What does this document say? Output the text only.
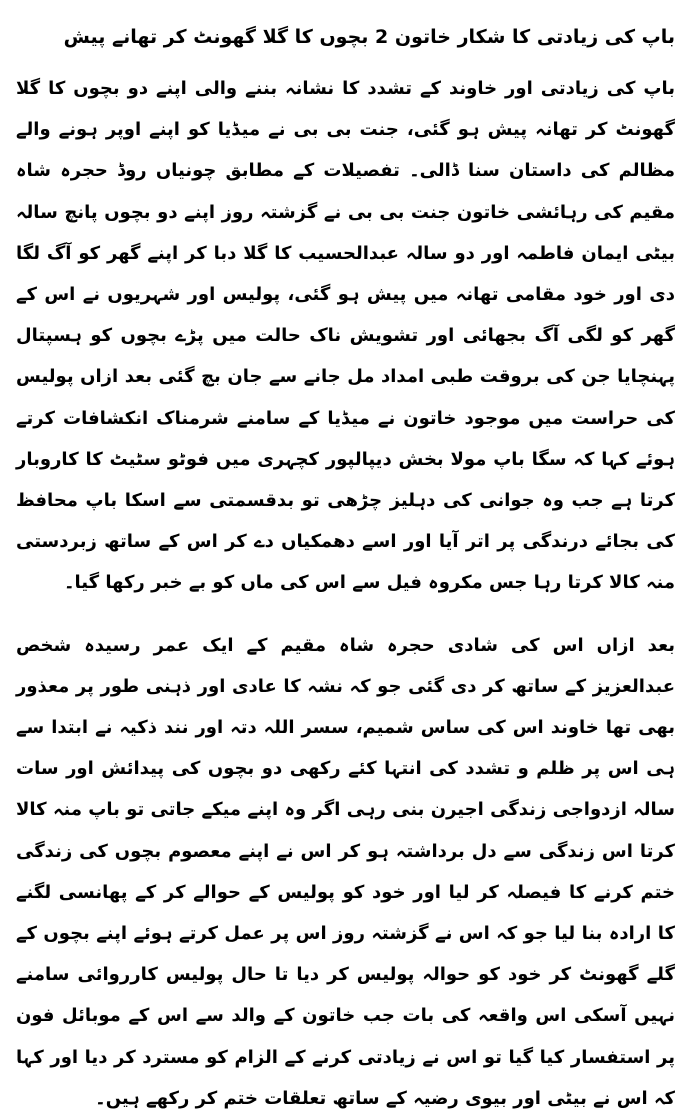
باپ کی زیادتی کا شکار خاتون 2 بچوں کا گلا گھونٹ کر تھانے پیش

باپ کی زیادتی اور خاوند کے تشدد کا نشانہ بننے والی اپنے دو بچوں کا گلا گھونٹ کر تھانہ پیش ہو گئی، جنت بی بی نے میڈیا کو اپنے اوپر ہونے والے مظالم کی داستان سنا ڈالی۔ تفصیلات کے مطابق چونیاں روڈ حجرہ شاہ مقیم کی رہائشی خاتون جنت بی بی نے گزشتہ روز اپنے دو بچوں پانچ سالہ بیٹی ایمان فاطمہ اور دو سالہ عبدالحسیب کا گلا دبا کر اپنے گھر کو آگ لگا دی اور خود مقامی تھانہ میں پیش ہو گئی، پولیس اور شہریوں نے اس کے گھر کو لگی آگ بجھائی اور تشویش ناک حالت میں پڑے بچوں کو ہسپتال پہنچایا جن کی بروقت طبی امداد مل جانے سے جان بچ گئی بعد ازاں پولیس کی حراست میں موجود خاتون نے میڈیا کے سامنے شرمناک انکشافات کرتے ہوئے کہا کہ سگا باپ مولا بخش دیپالپور کچہری میں فوٹو سٹیٹ کا کاروبار کرتا ہے جب وہ جوانی کی دہلیز چڑھی تو بدقسمتی سے اسکا باپ محافظ کی بجائے درندگی پر اتر آیا اور اسے دھمکیاں دے کر اس کے ساتھ زبردستی منہ کالا کرتا رہا جس مکروہ فیل سے اس کی ماں کو بے خبر رکھا گیا۔

بعد ازاں اس کی شادی حجرہ شاہ مقیم کے ایک عمر رسیدہ شخص عبدالعزیز کے ساتھ کر دی گئی جو کہ نشہ کا عادی اور ذہنی طور پر معذور بھی تھا خاوند اس کی ساس شمیم، سسر اللہ دتہ اور نند ذکیہ نے ابتدا سے ہی اس پر ظلم و تشدد کی انتہا کئے رکھی دو بچوں کی پیدائش اور سات سالہ ازدواجی زندگی اجیرن بنی رہی اگر وہ اپنے میکے جاتی تو باپ منہ کالا کرتا اس زندگی سے دل برداشتہ ہو کر اس نے اپنے معصوم بچوں کی زندگی ختم کرنے کا فیصلہ کر لیا اور خود کو پولیس کے حوالے کر کے پھانسی لگنے کا ارادہ بنا لیا جو کہ اس نے گزشتہ روز اس پر عمل کرتے ہوئے اپنے بچوں کے گلے گھونٹ کر خود کو حوالہ پولیس کر دیا تا حال پولیس کارروائی سامنے نہیں آسکی اس واقعہ کی بات جب خاتون کے والد سے اس کے موبائل فون پر استفسار کیا گیا تو اس نے زیادتی کرنے کے الزام کو مسترد کر دیا اور کہا کہ اس نے بیٹی اور بیوی رضیہ کے ساتھ تعلقات ختم کر رکھے ہیں۔
